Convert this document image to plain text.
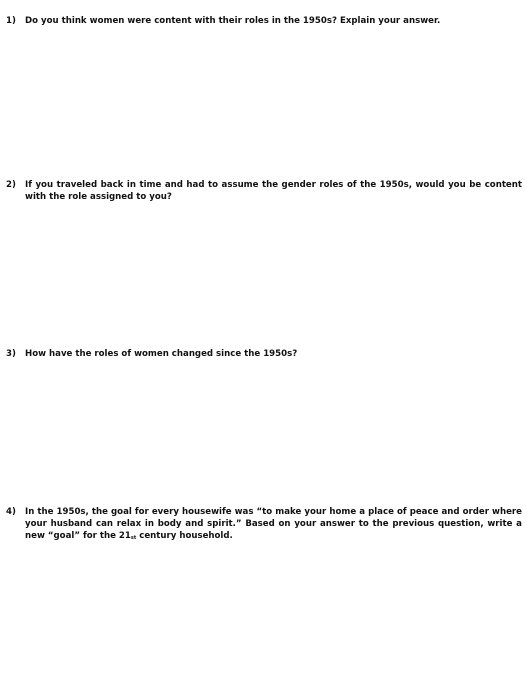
1)	Do you think women were content with their roles in the 1950s? Explain your answer.
2)	If you traveled back in time and had to assume the gender roles of the 1950s, would you be content with the role assigned to you?
3)	How have the roles of women changed since the 1950s?
4)	In the 1950s, the goal for every housewife was “to make your home a place of peace and order where your husband can relax in body and spirit.” Based on your answer to the previous question, write a new “goal” for the $21_{st}$ century household.
